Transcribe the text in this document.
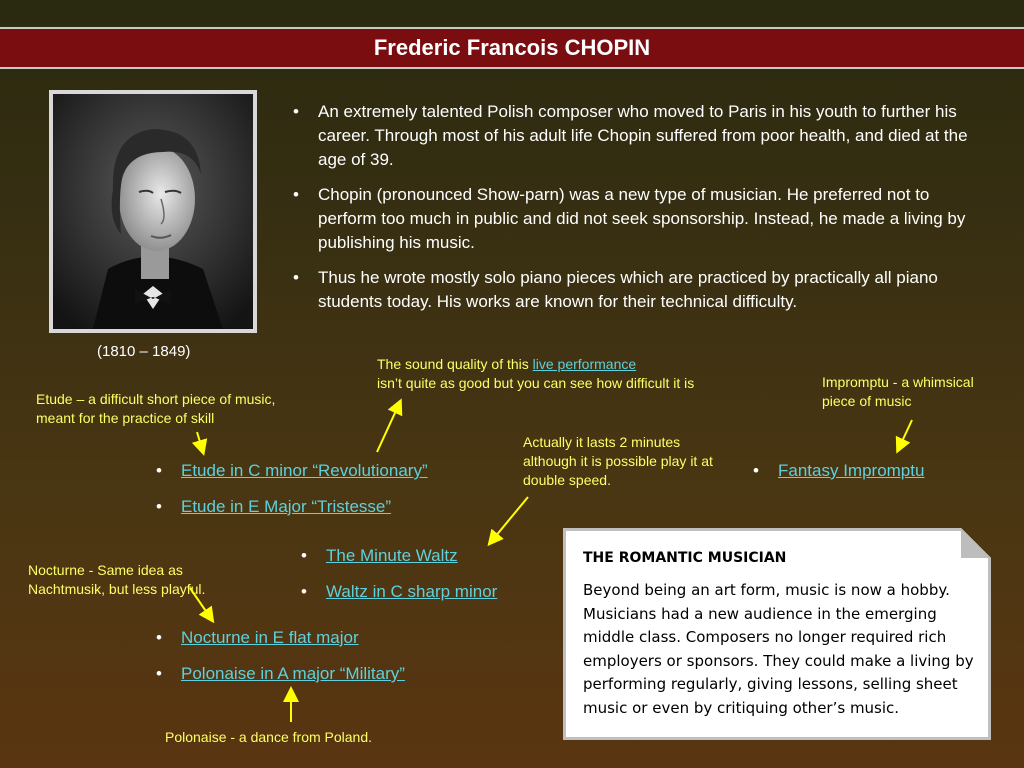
Frederic Francois CHOPIN
(1810 – 1849)
• An extremely talented Polish composer who moved to Paris in his youth to further his career. Through most of his adult life Chopin suffered from poor health, and died at the age of 39.
• Chopin (pronounced Show-parn) was a new type of musician. He preferred not to perform too much in public and did not seek sponsorship. Instead, he made a living by publishing his music.
• Thus he wrote mostly solo piano pieces which are practiced by practically all piano students today. His works are known for their technical difficulty.
The sound quality of this live performance
isn’t quite as good but you can see how difficult it is
Etude – a difficult short piece of music, meant for the practice of skill
Impromptu - a whimsical piece of music
Actually it lasts 2 minutes although it is possible play it at double speed.
Nocturne - Same idea as Nachtmusik, but less playful.
Polonaise - a dance from Poland.
• Etude in C minor “Revolutionary”
• Etude in E Major “Tristesse”
• Fantasy Impromptu
• The Minute Waltz
• Waltz in C sharp minor
• Nocturne in E flat major
• Polonaise in A major “Military”
THE ROMANTIC MUSICIAN
Beyond being an art form, music is now a hobby. Musicians had a new audience in the emerging middle class. Composers no longer required rich employers or sponsors. They could make a living by performing regularly, giving lessons, selling sheet music or even by critiquing other’s music.
